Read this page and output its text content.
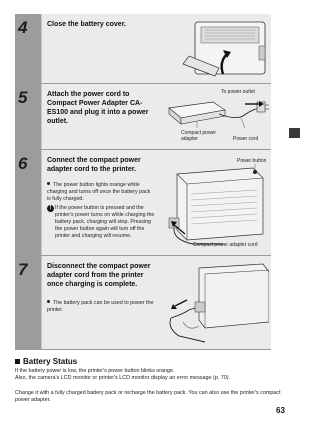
4	Close the battery cover.
5	Attach the power cord to Compact Power Adapter CA-ES100 and plug it into a power outlet.
To power outlet
Compact power adapter	Power cord
6	Connect the compact power adapter cord to the printer.
The power button lights orange while charging and turns off once the battery pack is fully charged.
! If the power button is pressed and the printer's power turns on while charging the battery pack, charging will stop. Pressing the power button again will turn off the printer and charging will resume.
Power button
Compact power adapter cord
7	Disconnect the compact power adapter cord from the printer once charging is complete.
The battery pack can be used to power the printer.
Battery Status
If the battery power is low, the printer's power button blinks orange.
Also, the camera's LCD monitor or printer's LCD monitor display an error message (p. 70).
Change it with a fully charged battery pack or recharge the battery pack. You can also use the printer's compact power adapter.
63
